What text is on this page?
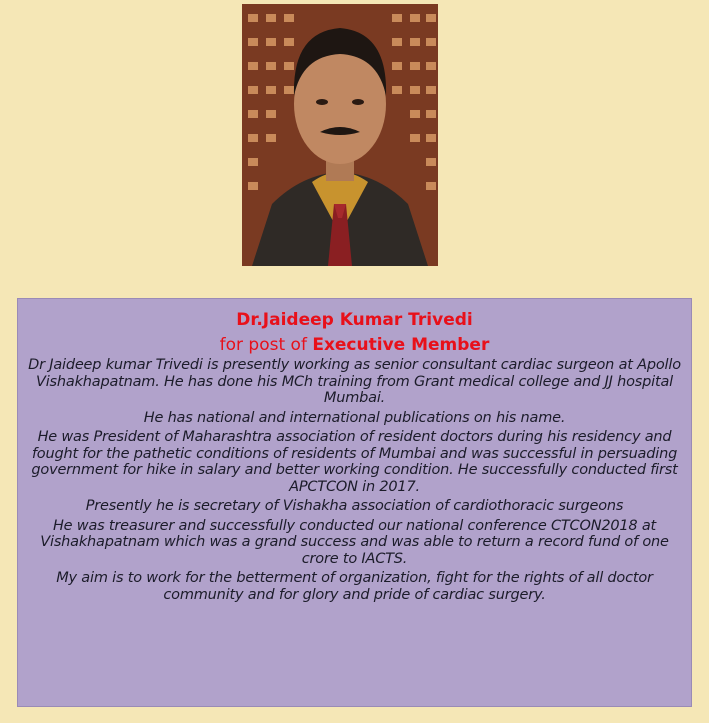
Dr.Jaideep Kumar Trivedi

for post of Executive Member

Dr Jaideep kumar Trivedi is presently working as senior consultant cardiac surgeon at Apollo Vishakhapatnam. He has done his MCh training from Grant medical college and JJ hospital Mumbai.

He has national and international publications on his name.

He was President of Maharashtra association of resident doctors during his residency and fought for the pathetic conditions of residents of Mumbai and was successful in persuading government for hike in salary and better working condition. He successfully conducted first APCTCON in 2017.

Presently he is secretary of Vishakha association of cardiothoracic surgeons

He was treasurer and successfully conducted our national conference CTCON2018 at Vishakhapatnam which was a grand success and was able to return a record fund of one crore to IACTS.

My aim is to work for the betterment of organization, fight for the rights of all doctor community and for glory and pride of cardiac surgery.
